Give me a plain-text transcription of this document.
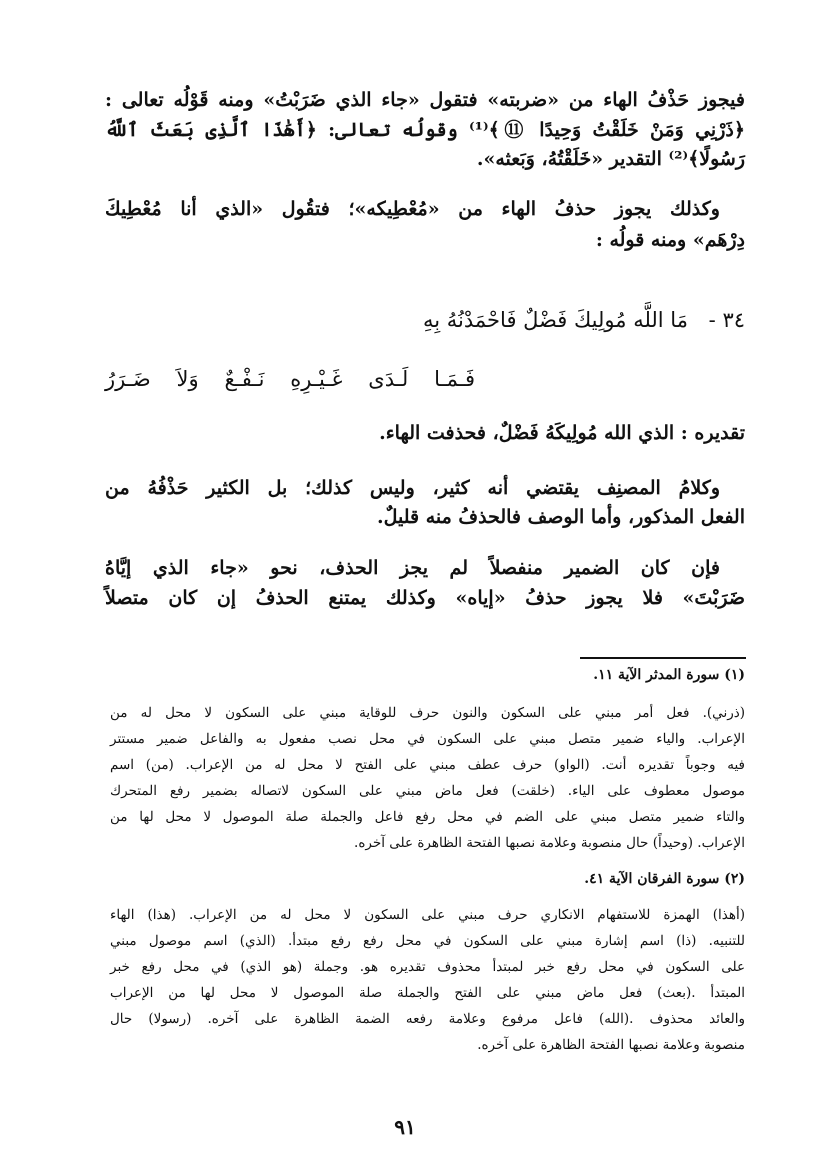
فيجوز حَذْفُ الهاء من «ضربته» فتقول «جاء الذي ضَرَبْتُ» ومنه قَوْلُه تعالى :
﴿ذَرْنِي وَمَنْ خَلَقْتُ وَحِيدًا ⑪﴾⁽¹⁾ وقولُه تعالى: ﴿أَهَٰذَا ٱلَّذِى بَعَثَ ٱللَّهُ
رَسُولًا﴾⁽²⁾ التقدير «خَلَقْتُهُ، وَبَعثه».
وكذلك يجوز حذفُ الهاء من «مُعْطِيكه»؛ فتقُول «الذي أنا مُعْطِيكَ
دِرْهَم» ومنه قولُه :
٣٤ - مَا اللَّه مُولِيكَ فَضْلٌ فَاحْمَدْنُهُ بِهِ
فَـمَـا لَـدَى غَـيْـرِهِ نَـفْـعٌ وَلاَ ضَـرَرُ
تقديره : الذي الله مُولِيكَهُ فَضْلٌ، فحذفت الهاء.
وكلامُ المصنِف يقتضي أنه كثير، وليس كذلك؛ بل الكثير حَذْفُهُ من
الفعل المذكور، وأما الوصف فالحذفُ منه قليلٌ.
فإن كان الضمير منفصلاً لم يجز الحذف، نحو «جاء الذي إيَّاهُ
ضَرَبْتَ» فلا يجوز حذفُ «إياه» وكذلك يمتنع الحذفُ إن كان متصلاً
(١) سورة المدثر الآية ١١.
(ذرني). فعل أمر مبني على السكون والنون حرف للوقاية مبني على السكون لا محل له من
الإعراب. والياء ضمير متصل مبني على السكون في محل نصب مفعول به والفاعل ضمير مستتر
فيه وجوباً تقديره أنت. (الواو) حرف عطف مبني على الفتح لا محل له من الإعراب. (من) اسم
موصول معطوف على الياء. (خلقت) فعل ماض مبني على السكون لاتصاله بضمير رفع المتحرك
والتاء ضمير متصل مبني على الضم في محل رفع فاعل والجملة صلة الموصول لا محل لها من
الإعراب. (وحيداً) حال منصوبة وعلامة نصبها الفتحة الظاهرة على آخره.
(٢) سورة الفرقان الآية ٤١.
(أهذا) الهمزة للاستفهام الانكاري حرف مبني على السكون لا محل له من الإعراب. (هذا) الهاء
للتنبيه. (ذا) اسم إشارة مبني على السكون في محل رفع رفع مبتدأ. (الذي) اسم موصول مبني
على السكون في محل رفع خبر لمبتدأ محذوف تقديره هو. وجملة (هو الذي) في محل رفع خبر
المبتدأ .(بعث) فعل ماض مبني على الفتح والجملة صلة الموصول لا محل لها من الإعراب
والعائد محذوف .(الله) فاعل مرفوع وعلامة رفعه الضمة الظاهرة على آخره. (رسولا) حال
منصوبة وعلامة نصبها الفتحة الظاهرة على آخره.
٩١
